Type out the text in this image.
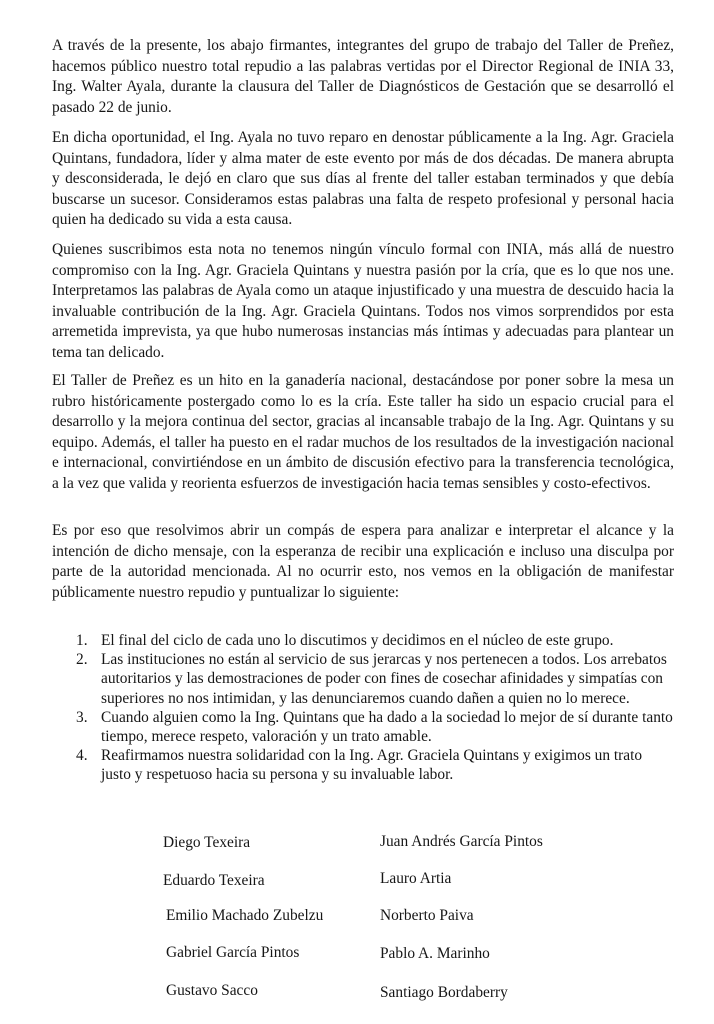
A través de la presente, los abajo firmantes, integrantes del grupo de trabajo del Taller de Preñez, hacemos público nuestro total repudio a las palabras vertidas por el Director Regional de INIA 33, Ing. Walter Ayala, durante la clausura del Taller de Diagnósticos de Gestación que se desarrolló el pasado 22 de junio.

En dicha oportunidad, el Ing. Ayala no tuvo reparo en denostar públicamente a la Ing. Agr. Graciela Quintans, fundadora, líder y alma mater de este evento por más de dos décadas. De manera abrupta y desconsiderada, le dejó en claro que sus días al frente del taller estaban terminados y que debía buscarse un sucesor. Consideramos estas palabras una falta de respeto profesional y personal hacia quien ha dedicado su vida a esta causa.

Quienes suscribimos esta nota no tenemos ningún vínculo formal con INIA, más allá de nuestro compromiso con la Ing. Agr. Graciela Quintans y nuestra pasión por la cría, que es lo que nos une. Interpretamos las palabras de Ayala como un ataque injustificado y una muestra de descuido hacia la invaluable contribución de la Ing. Agr. Graciela Quintans. Todos nos vimos sorprendidos por esta arremetida imprevista, ya que hubo numerosas instancias más íntimas y adecuadas para plantear un tema tan delicado.

El Taller de Preñez es un hito en la ganadería nacional, destacándose por poner sobre la mesa un rubro históricamente postergado como lo es la cría. Este taller ha sido un espacio crucial para el desarrollo y la mejora continua del sector, gracias al incansable trabajo de la Ing. Agr. Quintans y su equipo. Además, el taller ha puesto en el radar muchos de los resultados de la investigación nacional e internacional, convirtiéndose en un ámbito de discusión efectivo para la transferencia tecnológica, a la vez que valida y reorienta esfuerzos de investigación hacia temas sensibles y costo-efectivos.

Es por eso que resolvimos abrir un compás de espera para analizar e interpretar el alcance y la intención de dicho mensaje, con la esperanza de recibir una explicación e incluso una disculpa por parte de la autoridad mencionada. Al no ocurrir esto, nos vemos en la obligación de manifestar públicamente nuestro repudio y puntualizar lo siguiente:

1. El final del ciclo de cada uno lo discutimos y decidimos en el núcleo de este grupo.
2. Las instituciones no están al servicio de sus jerarcas y nos pertenecen a todos. Los arrebatos autoritarios y las demostraciones de poder con fines de cosechar afinidades y simpatías con superiores no nos intimidan, y las denunciaremos cuando dañen a quien no lo merece.
3. Cuando alguien como la Ing. Quintans que ha dado a la sociedad lo mejor de sí durante tanto tiempo, merece respeto, valoración y un trato amable.
4. Reafirmamos nuestra solidaridad con la Ing. Agr. Graciela Quintans y exigimos un trato justo y respetuoso hacia su persona y su invaluable labor.
Diego Texeira
Eduardo Texeira
Emilio Machado Zubelzu
Gabriel García Pintos
Gustavo Sacco
Juan Andrés García Pintos
Lauro Artia
Norberto Paiva
Pablo A. Marinho
Santiago Bordaberry
